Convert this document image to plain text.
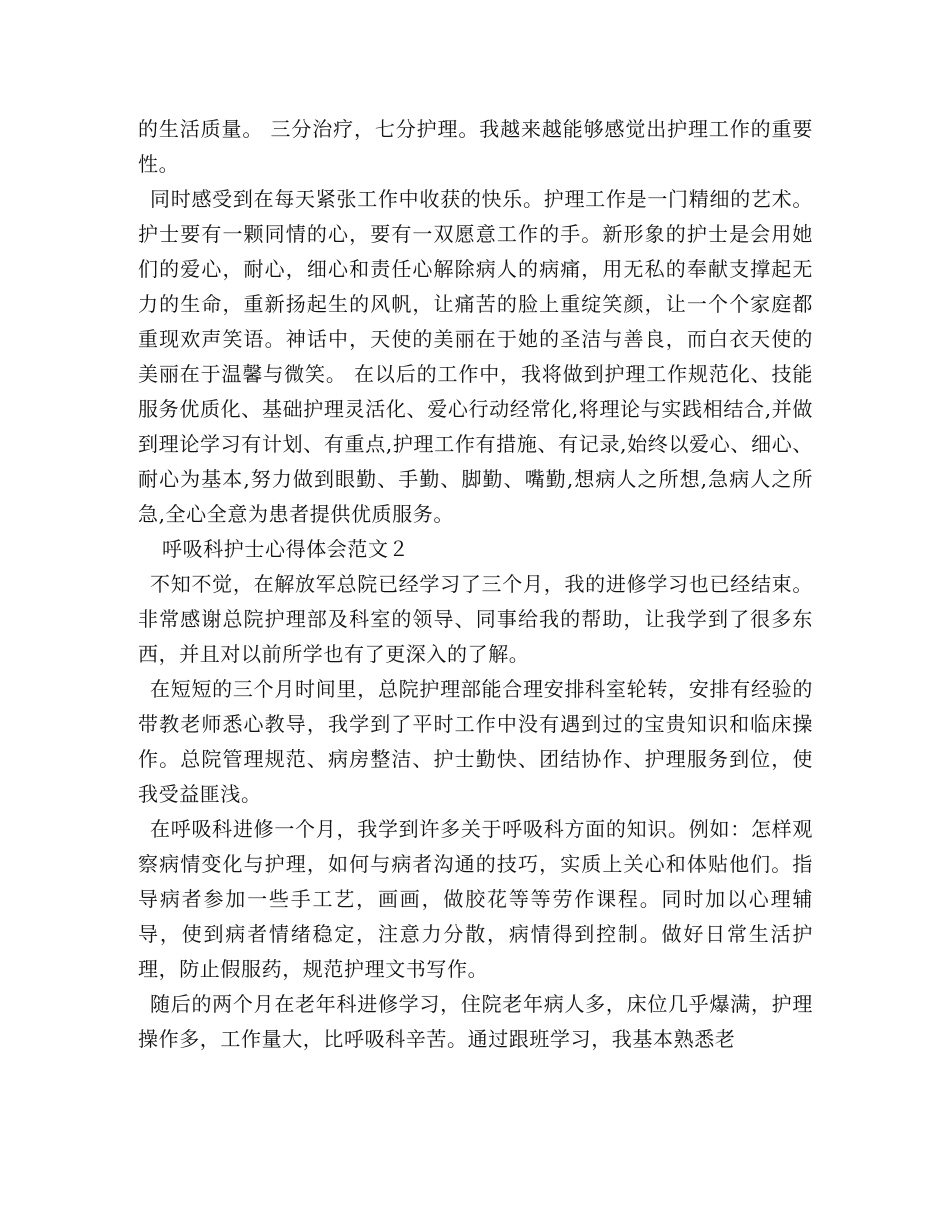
的生活质量。 三分治疗，七分护理。我越来越能够感觉出护理工作的重要性。

同时感受到在每天紧张工作中收获的快乐。护理工作是一门精细的艺术。护士要有一颗同情的心，要有一双愿意工作的手。新形象的护士是会用她们的爱心，耐心，细心和责任心解除病人的病痛，用无私的奉献支撑起无力的生命，重新扬起生的风帆，让痛苦的脸上重绽笑颜，让一个个家庭都重现欢声笑语。神话中，天使的美丽在于她的圣洁与善良，而白衣天使的美丽在于温馨与微笑。 在以后的工作中，我将做到护理工作规范化、技能服务优质化、基础护理灵活化、爱心行动经常化,将理论与实践相结合,并做到理论学习有计划、有重点,护理工作有措施、有记录,始终以爱心、细心、耐心为基本,努力做到眼勤、手勤、脚勤、嘴勤,想病人之所想,急病人之所急,全心全意为患者提供优质服务。

呼吸科护士心得体会范文２

不知不觉，在解放军总院已经学习了三个月，我的进修学习也已经结束。非常感谢总院护理部及科室的领导、同事给我的帮助，让我学到了很多东西，并且对以前所学也有了更深入的了解。

在短短的三个月时间里，总院护理部能合理安排科室轮转，安排有经验的带教老师悉心教导，我学到了平时工作中没有遇到过的宝贵知识和临床操作。总院管理规范、病房整洁、护士勤快、团结协作、护理服务到位，使我受益匪浅。

在呼吸科进修一个月，我学到许多关于呼吸科方面的知识。例如：怎样观察病情变化与护理，如何与病者沟通的技巧，实质上关心和体贴他们。指导病者参加一些手工艺，画画，做胶花等等劳作课程。同时加以心理辅导，使到病者情绪稳定，注意力分散，病情得到控制。做好日常生活护理，防止假服药，规范护理文书写作。

随后的两个月在老年科进修学习，住院老年病人多，床位几乎爆满，护理操作多，工作量大，比呼吸科辛苦。通过跟班学习，我基本熟悉老
